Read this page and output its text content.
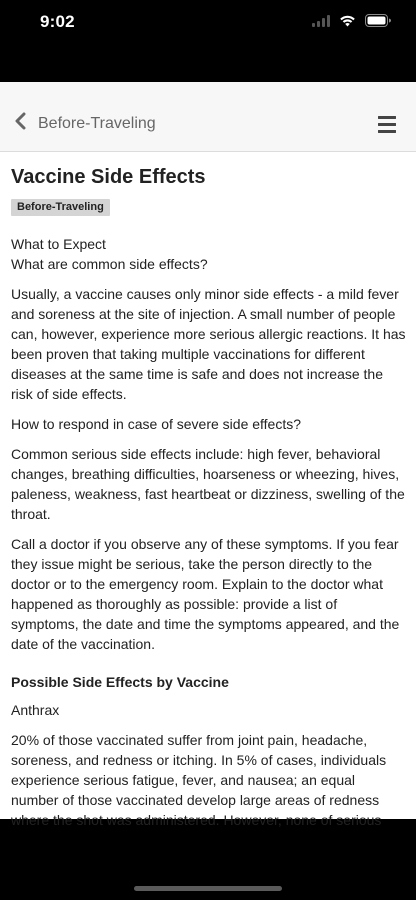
9:02
Before-Traveling
Vaccine Side Effects
Before-Traveling
What to Expect
What are common side effects?

Usually, a vaccine causes only minor side effects - a mild fever and soreness at the site of injection. A small number of people can, however, experience more serious allergic reactions. It has been proven that taking multiple vaccinations for different diseases at the same time is safe and does not increase the risk of side effects.

How to respond in case of severe side effects?

Common serious side effects include: high fever, behavioral changes, breathing difficulties, hoarseness or wheezing, hives, paleness, weakness, fast heartbeat or dizziness, swelling of the throat.

Call a doctor if you observe any of these symptoms. If you fear they issue might be serious, take the person directly to the doctor or to the emergency room. Explain to the doctor what happened as thoroughly as possible: provide a list of symptoms, the date and time the symptoms appeared, and the date of the vaccination.

Possible Side Effects by Vaccine

Anthrax

20% of those vaccinated suffer from joint pain, headache, soreness, and redness or itching. In 5% of cases, individuals experience serious fatigue, fever, and nausea; an equal number of those vaccinated develop large areas of redness where the shot was administered. However, none of serious
